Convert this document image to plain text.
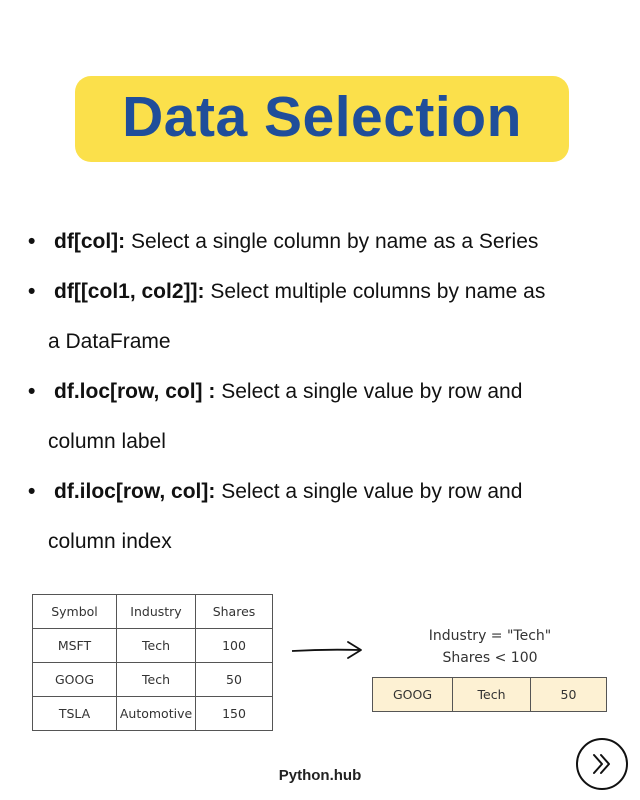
Data Selection
• df[col]: Select a single column by name as a Series
• df[[col1, col2]]: Select multiple columns by name as
a DataFrame
• df.loc[row, col] : Select a single value by row and
column label
• df.iloc[row, col]: Select a single value by row and
column index
Symbol	Industry	Shares
MSFT	Tech	100
GOOG	Tech	50
TSLA	Automotive	150
Industry = "Tech"
Shares < 100
GOOG	Tech	50
Python.hub
